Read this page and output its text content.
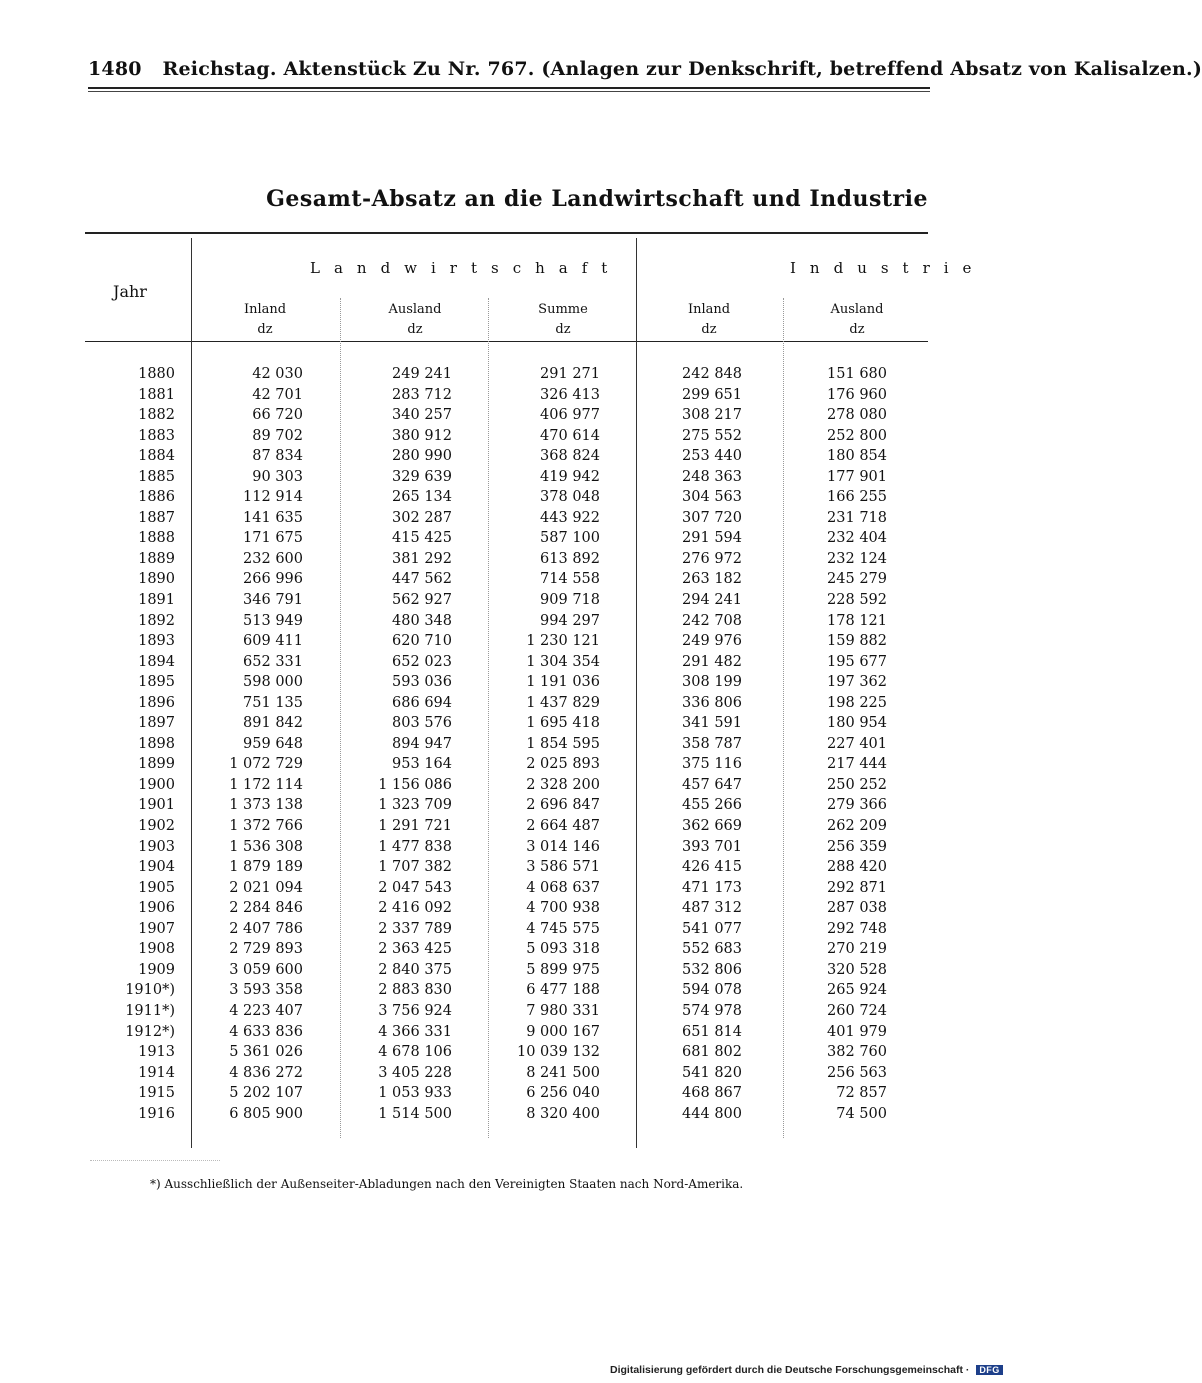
1480 Reichstag. Aktenstück Zu Nr. 767. (Anlagen zur Denkschrift, betreffend Absatz von Kalisalzen.)
Gesamt-Absatz an die Landwirtschaft und Industrie
Jahr
Landwirtschaft	Industrie
Inland
dz
Ausland
dz
Summe
dz
Inland
dz
Ausland
dz
1880	42 030	249 241	291 271	242 848	151 680
1881	42 701	283 712	326 413	299 651	176 960
1882	66 720	340 257	406 977	308 217	278 080
1883	89 702	380 912	470 614	275 552	252 800
1884	87 834	280 990	368 824	253 440	180 854
1885	90 303	329 639	419 942	248 363	177 901
1886	112 914	265 134	378 048	304 563	166 255
1887	141 635	302 287	443 922	307 720	231 718
1888	171 675	415 425	587 100	291 594	232 404
1889	232 600	381 292	613 892	276 972	232 124
1890	266 996	447 562	714 558	263 182	245 279
1891	346 791	562 927	909 718	294 241	228 592
1892	513 949	480 348	994 297	242 708	178 121
1893	609 411	620 710	1 230 121	249 976	159 882
1894	652 331	652 023	1 304 354	291 482	195 677
1895	598 000	593 036	1 191 036	308 199	197 362
1896	751 135	686 694	1 437 829	336 806	198 225
1897	891 842	803 576	1 695 418	341 591	180 954
1898	959 648	894 947	1 854 595	358 787	227 401
1899	1 072 729	953 164	2 025 893	375 116	217 444
1900	1 172 114	1 156 086	2 328 200	457 647	250 252
1901	1 373 138	1 323 709	2 696 847	455 266	279 366
1902	1 372 766	1 291 721	2 664 487	362 669	262 209
1903	1 536 308	1 477 838	3 014 146	393 701	256 359
1904	1 879 189	1 707 382	3 586 571	426 415	288 420
1905	2 021 094	2 047 543	4 068 637	471 173	292 871
1906	2 284 846	2 416 092	4 700 938	487 312	287 038
1907	2 407 786	2 337 789	4 745 575	541 077	292 748
1908	2 729 893	2 363 425	5 093 318	552 683	270 219
1909	3 059 600	2 840 375	5 899 975	532 806	320 528
1910*)	3 593 358	2 883 830	6 477 188	594 078	265 924
1911*)	4 223 407	3 756 924	7 980 331	574 978	260 724
1912*)	4 633 836	4 366 331	9 000 167	651 814	401 979
1913	5 361 026	4 678 106	10 039 132	681 802	382 760
1914	4 836 272	3 405 228	8 241 500	541 820	256 563
1915	5 202 107	1 053 933	6 256 040	468 867	72 857
1916	6 805 900	1 514 500	8 320 400	444 800	74 500
*) Ausschließlich der Außenseiter-Abladungen nach den Vereinigten Staaten nach Nord-Amerika.
Digitalisierung gefördert durch die Deutsche Forschungsgemeinschaft · DFG
